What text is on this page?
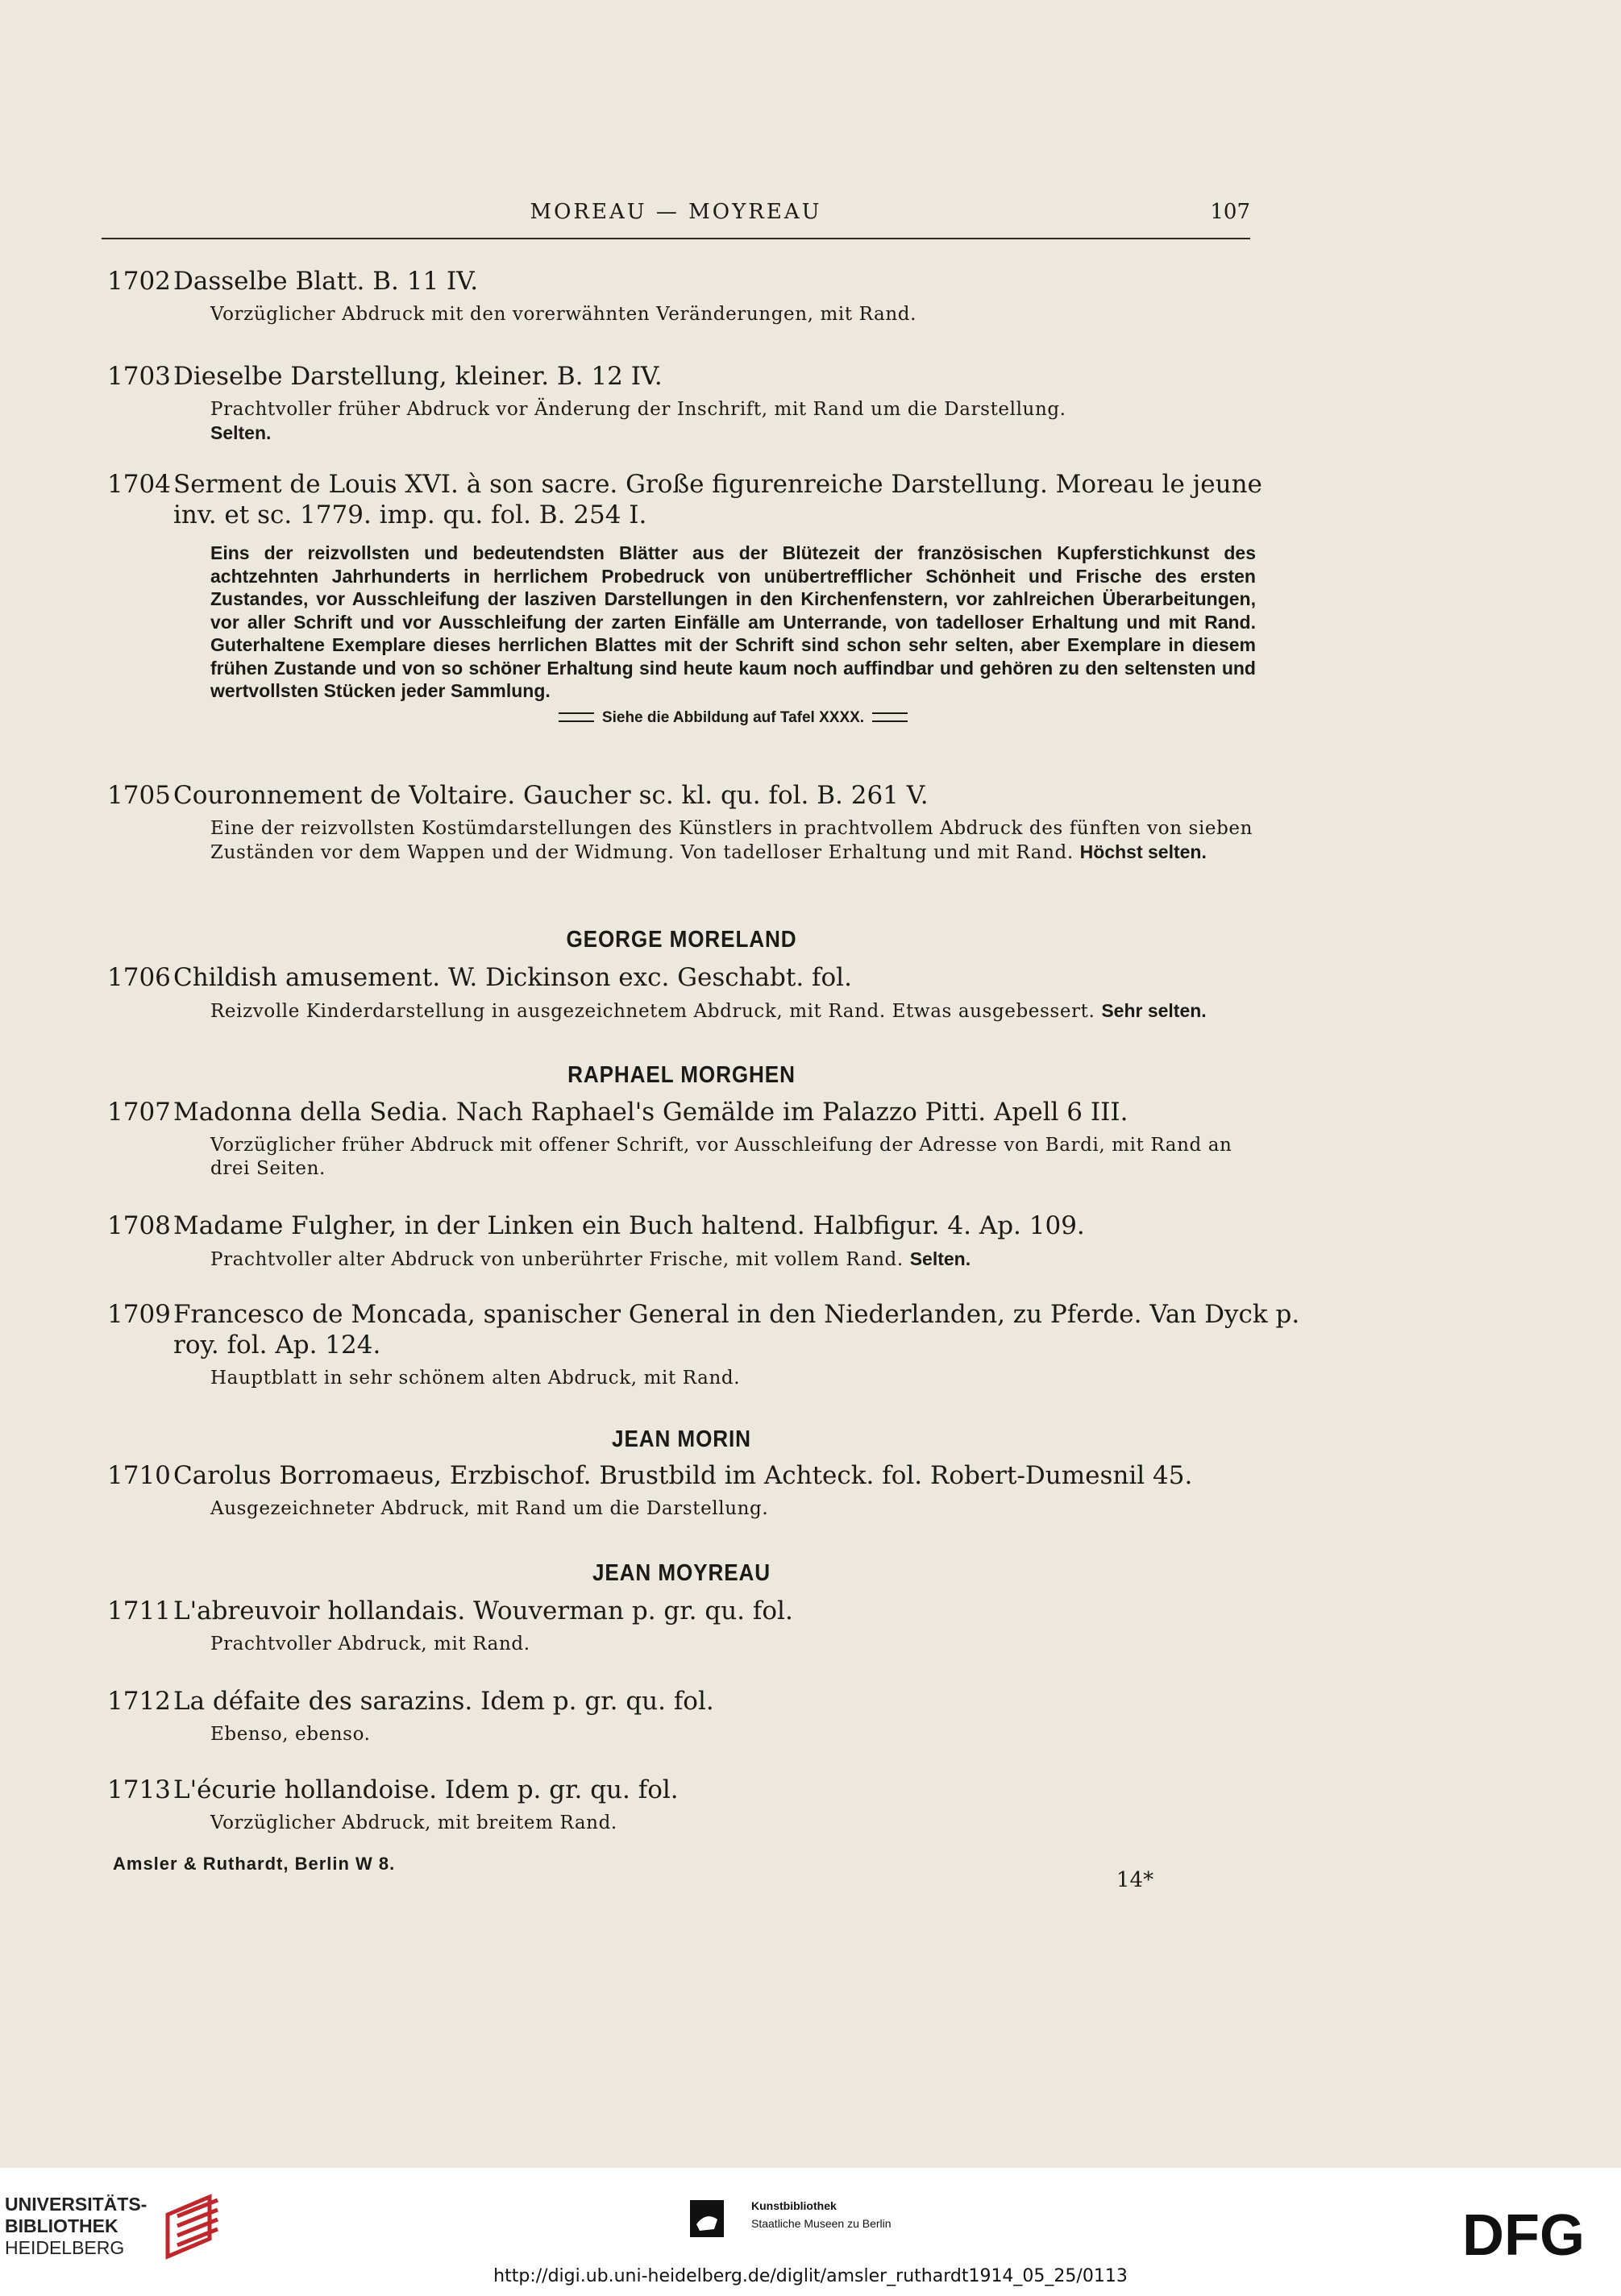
MOREAU — MOYREAU	107
1702Dasselbe Blatt. B. 11 IV.
Vorzüglicher Abdruck mit den vorerwähnten Veränderungen, mit Rand.
1703Dieselbe Darstellung, kleiner. B. 12 IV.
Prachtvoller früher Abdruck vor Änderung der Inschrift, mit Rand um die Darstellung.
Selten.
1704Serment de Louis XVI. à son sacre. Große figurenreiche Darstellung. Moreau le jeune
inv. et sc. 1779. imp. qu. fol. B. 254 I.
Eins der reizvollsten und bedeutendsten Blätter aus der Blütezeit der französischen Kupferstichkunst des achtzehnten Jahrhunderts in herrlichem Probedruck von unübertrefflicher Schönheit und Frische des ersten Zustandes, vor Ausschleifung der lasziven Darstellungen in den Kirchenfenstern, vor zahlreichen Überarbeitungen, vor aller Schrift und vor Ausschleifung der zarten Einfälle am Unterrande, von tadelloser Erhaltung und mit Rand. Guterhaltene Exemplare dieses herrlichen Blattes mit der Schrift sind schon sehr selten, aber Exemplare in diesem frühen Zustande und von so schöner Erhaltung sind heute kaum noch auffindbar und gehören zu den seltensten und wertvollsten Stücken jeder Sammlung.
Siehe die Abbildung auf Tafel XXXX.
1705Couronnement de Voltaire. Gaucher sc. kl. qu. fol. B. 261 V.
Eine der reizvollsten Kostümdarstellungen des Künstlers in prachtvollem Abdruck des fünften von sieben Zuständen vor dem Wappen und der Widmung. Von tadelloser Erhaltung und mit Rand. Höchst selten.
GEORGE MORELAND
1706Childish amusement. W. Dickinson exc. Geschabt. fol.
Reizvolle Kinderdarstellung in ausgezeichnetem Abdruck, mit Rand. Etwas ausgebessert. Sehr selten.
RAPHAEL MORGHEN
1707Madonna della Sedia. Nach Raphael's Gemälde im Palazzo Pitti. Apell 6 III.
Vorzüglicher früher Abdruck mit offener Schrift, vor Ausschleifung der Adresse von Bardi, mit Rand an drei Seiten.
1708Madame Fulgher, in der Linken ein Buch haltend. Halbfigur. 4. Ap. 109.
Prachtvoller alter Abdruck von unberührter Frische, mit vollem Rand. Selten.
1709Francesco de Moncada, spanischer General in den Niederlanden, zu Pferde. Van Dyck p.
roy. fol. Ap. 124.
Hauptblatt in sehr schönem alten Abdruck, mit Rand.
JEAN MORIN
1710Carolus Borromaeus, Erzbischof. Brustbild im Achteck. fol. Robert-Dumesnil 45.
Ausgezeichneter Abdruck, mit Rand um die Darstellung.
JEAN MOYREAU
1711L'abreuvoir hollandais. Wouverman p. gr. qu. fol.
Prachtvoller Abdruck, mit Rand.
1712La défaite des sarazins. Idem p. gr. qu. fol.
Ebenso, ebenso.
1713L'écurie hollandoise. Idem p. gr. qu. fol.
Vorzüglicher Abdruck, mit breitem Rand.
Amsler & Ruthardt, Berlin W 8.
14*
UNIVERSITÄTS-
BIBLIOTHEK
HEIDELBERG
Kunstbibliothek
Staatliche Museen zu Berlin	DFG
http://digi.ub.uni-heidelberg.de/diglit/amsler_ruthardt1914_05_25/0113
